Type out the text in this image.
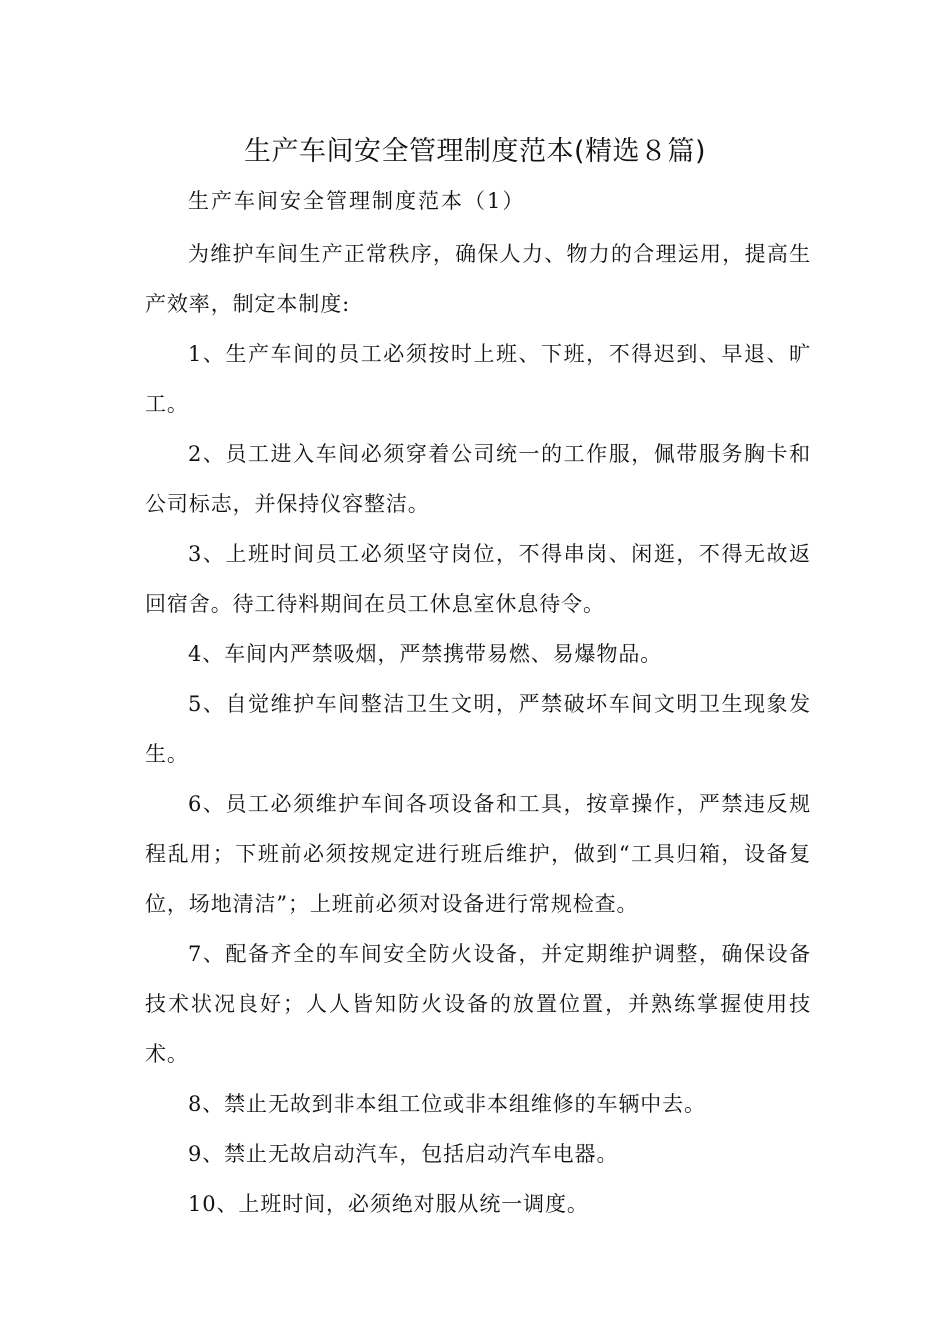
生产车间安全管理制度范本(精选８篇)
生产车间安全管理制度范本（1）

为维护车间生产正常秩序，确保人力、物力的合理运用，提高生产效率，制定本制度:

1、生产车间的员工必须按时上班、下班，不得迟到、早退、旷工。

2、员工进入车间必须穿着公司统一的工作服，佩带服务胸卡和公司标志，并保持仪容整洁。

3、上班时间员工必须坚守岗位，不得串岗、闲逛，不得无故返回宿舍。待工待料期间在员工休息室休息待令。

4、车间内严禁吸烟，严禁携带易燃、易爆物品。

5、自觉维护车间整洁卫生文明，严禁破坏车间文明卫生现象发生。

6、员工必须维护车间各项设备和工具，按章操作，严禁违反规程乱用；下班前必须按规定进行班后维护，做到“工具归箱，设备复位，场地清洁”；上班前必须对设备进行常规检查。

7、配备齐全的车间安全防火设备，并定期维护调整，确保设备技术状况良好；人人皆知防火设备的放置位置，并熟练掌握使用技术。

8、禁止无故到非本组工位或非本组维修的车辆中去。

9、禁止无故启动汽车，包括启动汽车电器。

10、上班时间，必须绝对服从统一调度。
